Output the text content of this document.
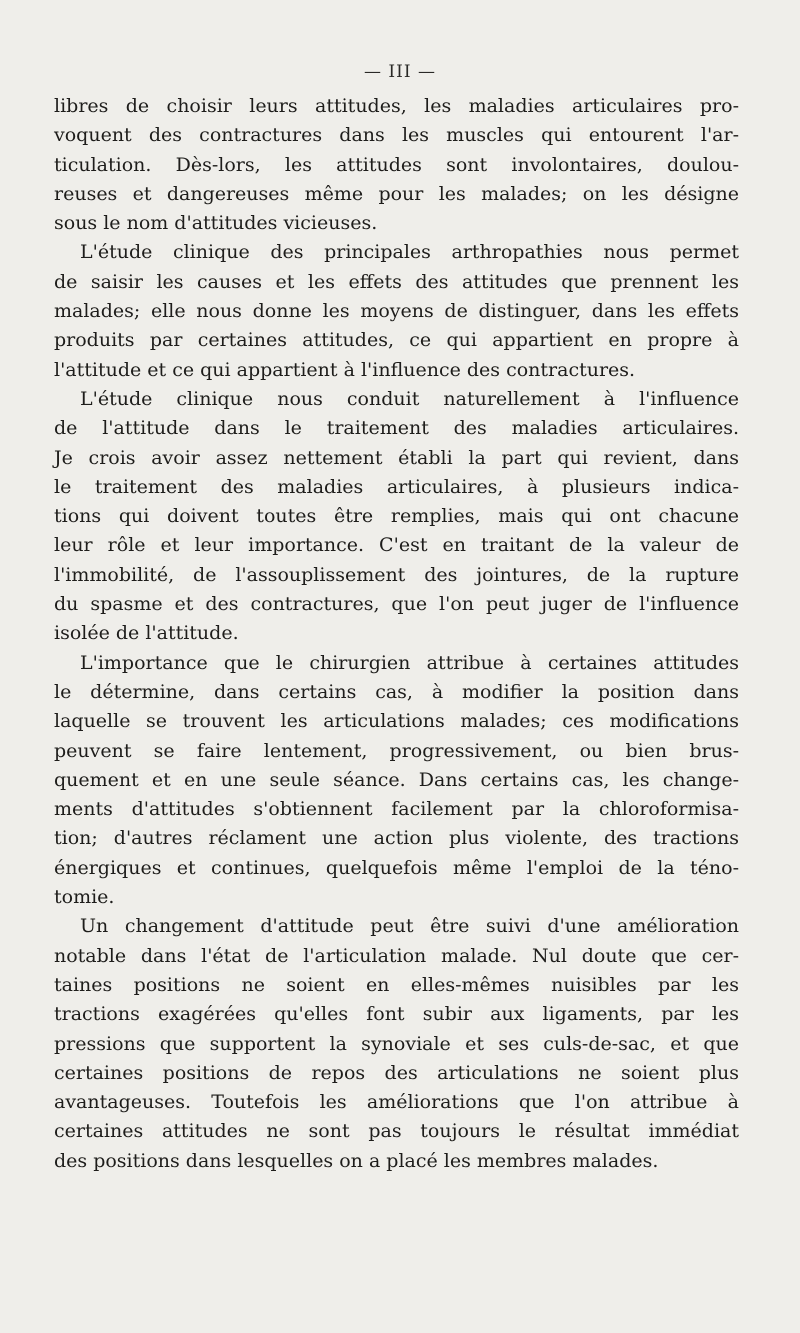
— III —

libres de choisir leurs attitudes, les maladies articulaires pro-
voquent des contractures dans les muscles qui entourent l'ar-
ticulation. Dès-lors, les attitudes sont involontaires, doulou-
reuses et dangereuses même pour les malades; on les désigne
sous le nom d'attitudes vicieuses.

L'étude clinique des principales arthropathies nous permet
de saisir les causes et les effets des attitudes que prennent les
malades; elle nous donne les moyens de distinguer, dans les effets
produits par certaines attitudes, ce qui appartient en propre à
l'attitude et ce qui appartient à l'influence des contractures.

L'étude clinique nous conduit naturellement à l'influence
de l'attitude dans le traitement des maladies articulaires.
Je crois avoir assez nettement établi la part qui revient, dans
le traitement des maladies articulaires, à plusieurs indica-
tions qui doivent toutes être remplies, mais qui ont chacune
leur rôle et leur importance. C'est en traitant de la valeur de
l'immobilité, de l'assouplissement des jointures, de la rupture
du spasme et des contractures, que l'on peut juger de l'influence
isolée de l'attitude.

L'importance que le chirurgien attribue à certaines attitudes
le détermine, dans certains cas, à modifier la position dans
laquelle se trouvent les articulations malades; ces modifications
peuvent se faire lentement, progressivement, ou bien brus-
quement et en une seule séance. Dans certains cas, les change-
ments d'attitudes s'obtiennent facilement par la chloroformisa-
tion; d'autres réclament une action plus violente, des tractions
énergiques et continues, quelquefois même l'emploi de la téno-
tomie.

Un changement d'attitude peut être suivi d'une amélioration
notable dans l'état de l'articulation malade. Nul doute que cer-
taines positions ne soient en elles-mêmes nuisibles par les
tractions exagérées qu'elles font subir aux ligaments, par les
pressions que supportent la synoviale et ses culs-de-sac, et que
certaines positions de repos des articulations ne soient plus
avantageuses. Toutefois les améliorations que l'on attribue à
certaines attitudes ne sont pas toujours le résultat immédiat
des positions dans lesquelles on a placé les membres malades.
